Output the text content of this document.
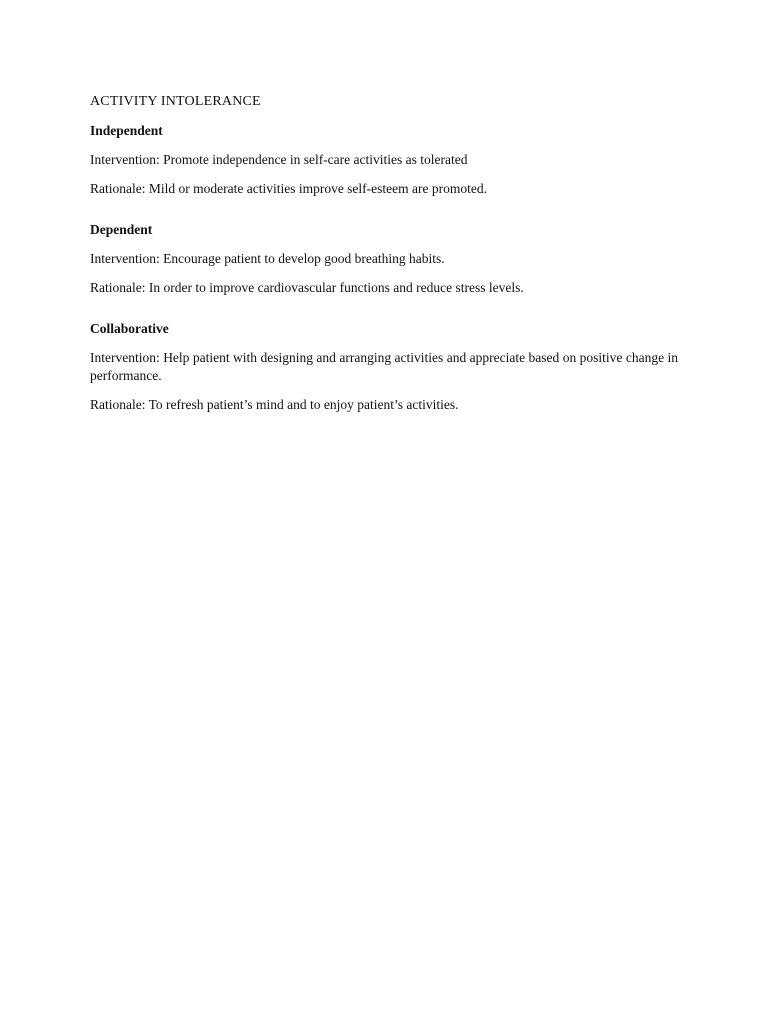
ACTIVITY INTOLERANCE

Independent

Intervention: Promote independence in self-care activities as tolerated

Rationale: Mild or moderate activities improve self-esteem are promoted.

Dependent

Intervention: Encourage patient to develop good breathing habits.

Rationale: In order to improve cardiovascular functions and reduce stress levels.

Collaborative

Intervention: Help patient with designing and arranging activities and appreciate based on positive change in performance.

Rationale: To refresh patient’s mind and to enjoy patient’s activities.
